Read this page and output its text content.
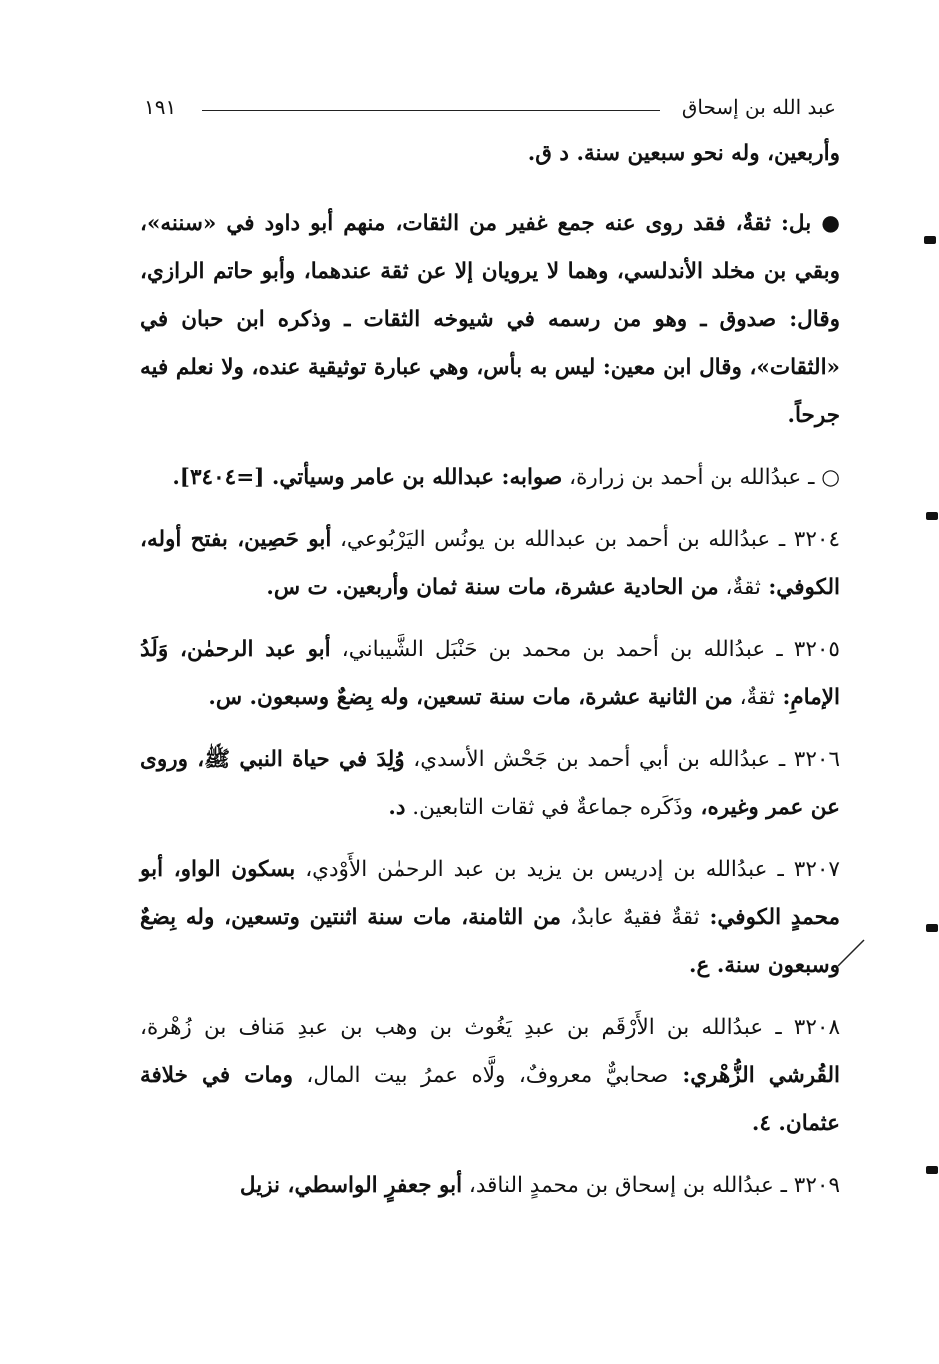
عبد الله بن إسحاق
١٩١

وأربعين، وله نحو سبعين سنة. د ق.

● بل: ثقةٌ، فقد روى عنه جمع غفير من الثقات، منهم أبو داود في «سننه»، وبقي بن مخلد الأندلسي، وهما لا يرويان إلا عن ثقة عندهما، وأبو حاتم الرازي، وقال: صدوق ـ وهو من رسمه في شيوخه الثقات ـ وذكره ابن حبان في «الثقات»، وقال ابن معين: ليس به بأس، وهي عبارة توثيقية عنده، ولا نعلم فيه جرحاً.

○ ـ عبدُالله بن أحمد بن زرارة، صوابه: عبدالله بن عامر وسيأتي. [=٣٤٠٤].

٣٢٠٤ ـ عبدُالله بن أحمد بن عبدالله بن يونُس اليَرْبُوعي، أبو حَصِين، بفتح أوله، الكوفي: ثقةٌ، من الحادية عشرة، مات سنة ثمان وأربعين. ت س.

٣٢٠٥ ـ عبدُالله بن أحمد بن محمد بن حَنْبَل الشَّيباني، أبو عبد الرحمٰن، وَلَدُ الإمامِ: ثقةٌ، من الثانية عشرة، مات سنة تسعين، وله بِضعٌ وسبعون. س.

٣٢٠٦ ـ عبدُالله بن أبي أحمد بن جَحْش الأسدي، وُلِدَ في حياة النبي ﷺ، وروى عن عمر وغيره، وذَكَره جماعةٌ في ثقات التابعين. د.

٣٢٠٧ ـ عبدُالله بن إدريس بن يزيد بن عبد الرحمٰن الأَوْدي، بسكون الواو، أبو محمدٍ الكوفي: ثقةٌ فقيهٌ عابدٌ، من الثامنة، مات سنة اثنتين وتسعين، وله بِضعٌ وسبعون سنة. ع.

٣٢٠٨ ـ عبدُالله بن الأَرْقَم بن عبدِ يَغُوث بن وهب بن عبدِ مَناف بن زُهْرة، القُرشي الزُّهْري: صحابيٌّ معروفٌ، ولَّاه عمرُ بيت المال، ومات في خلافة عثمان. ٤.

٣٢٠٩ ـ عبدُالله بن إسحاق بن محمدٍ الناقد، أبو جعفرٍ الواسطي، نزيل
